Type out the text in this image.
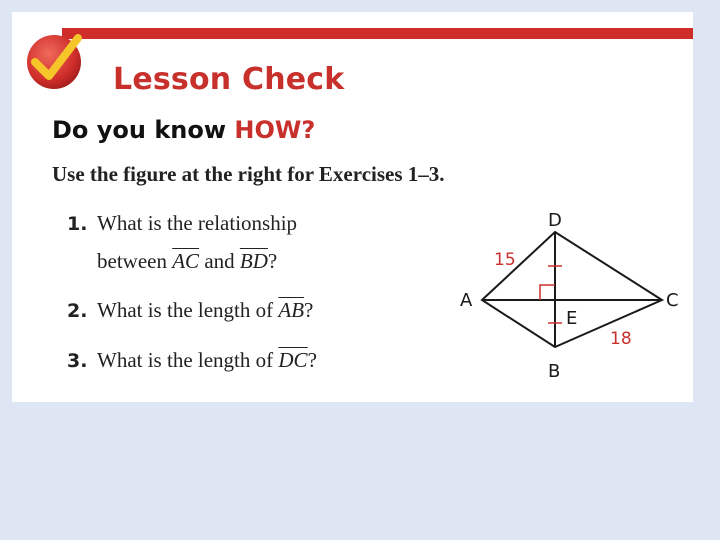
Lesson Check
Do you know HOW?
Use the figure at the right for Exercises 1–3.
1. What is the relationship
between $\overline{AC}$ and $\overline{BD}$?
2. What is the length of $\overline{AB}$?
3. What is the length of $\overline{DC}$?
D
A	C
E
B
15
18
